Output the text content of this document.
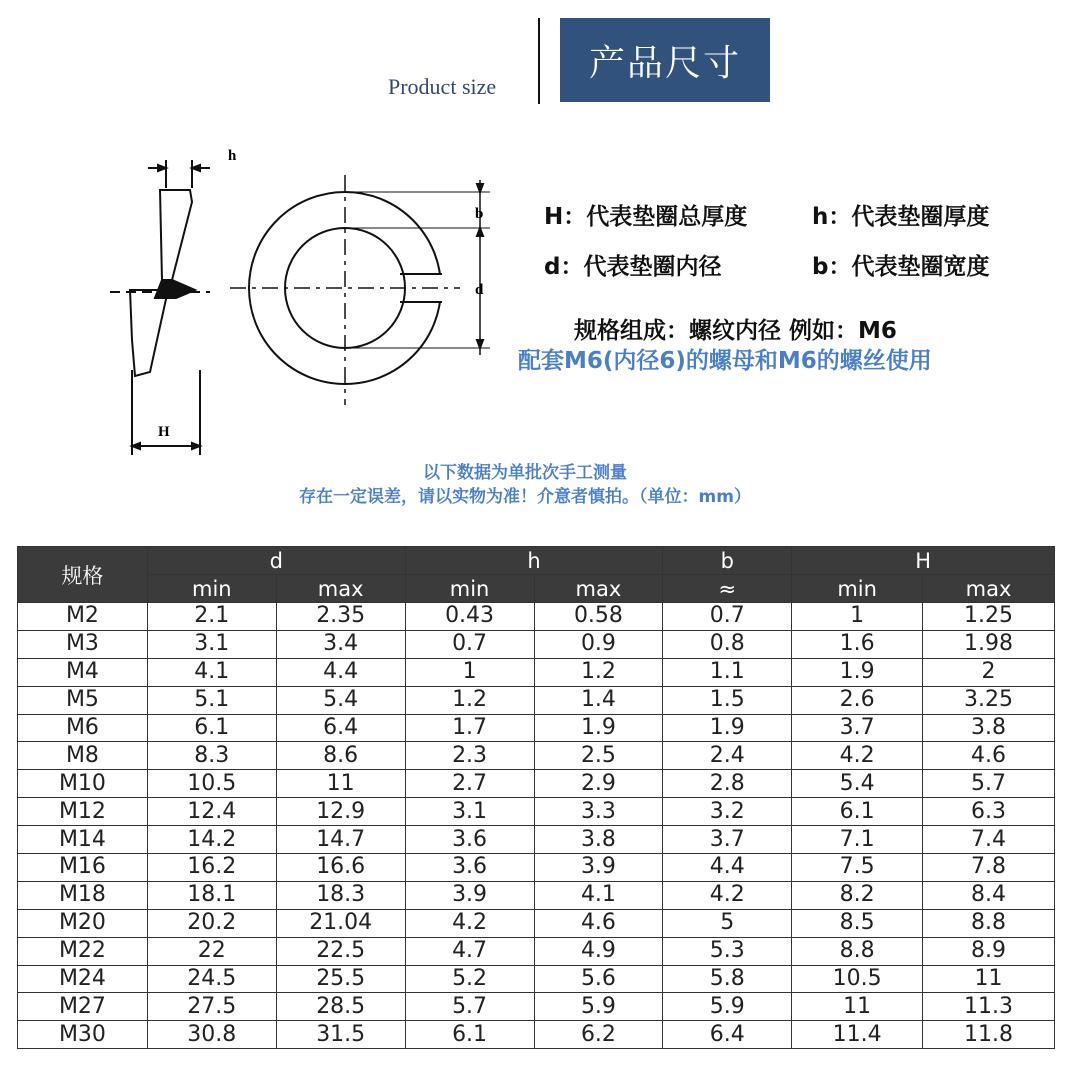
Product size
产品尺寸
h
H
b
d
H：代表垫圈总厚度	h：代表垫圈厚度
d：代表垫圈内径	b：代表垫圈宽度
规格组成：螺纹内径 例如：M6
配套M6(内径6)的螺母和M6的螺丝使用
以下数据为单批次手工测量
存在一定误差，请以实物为准！介意者慎拍。（单位：mm）
规格	d		h		b	H	
	min	max	min	max	≈	min	max
M2	2.1	2.35	0.43	0.58	0.7	1	1.25
M3	3.1	3.4	0.7	0.9	0.8	1.6	1.98
M4	4.1	4.4	1	1.2	1.1	1.9	2
M5	5.1	5.4	1.2	1.4	1.5	2.6	3.25
M6	6.1	6.4	1.7	1.9	1.9	3.7	3.8
M8	8.3	8.6	2.3	2.5	2.4	4.2	4.6
M10	10.5	11	2.7	2.9	2.8	5.4	5.7
M12	12.4	12.9	3.1	3.3	3.2	6.1	6.3
M14	14.2	14.7	3.6	3.8	3.7	7.1	7.4
M16	16.2	16.6	3.6	3.9	4.4	7.5	7.8
M18	18.1	18.3	3.9	4.1	4.2	8.2	8.4
M20	20.2	21.04	4.2	4.6	5	8.5	8.8
M22	22	22.5	4.7	4.9	5.3	8.8	8.9
M24	24.5	25.5	5.2	5.6	5.8	10.5	11
M27	27.5	28.5	5.7	5.9	5.9	11	11.3
M30	30.8	31.5	6.1	6.2	6.4	11.4	11.8
